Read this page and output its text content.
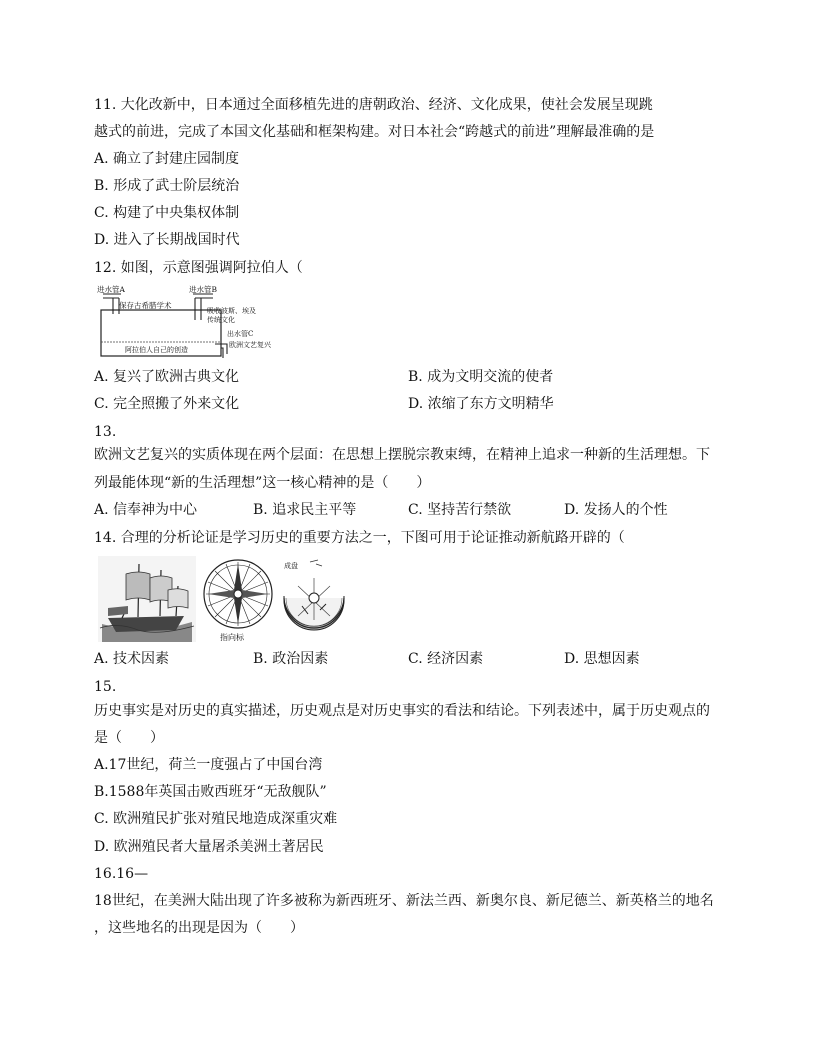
11. 大化改新中，日本通过全面移植先进的唐朝政治、经济、文化成果，使社会发展呈现跳
越式的前进，完成了本国文化基础和框架构建。对日本社会“跨越式的前进”理解最准确的是
A. 确立了封建庄园制度
B. 形成了武士阶层统治
C. 构建了中央集权体制
D. 进入了长期战国时代
12. 如图，示意图强调阿拉伯人（
进水管A	进水管B
保存古希腊学术
吸收波斯、埃及
传统文化
出水管C
欧洲文艺复兴
阿拉伯人自己的创造
A. 复兴了欧洲古典文化	B. 成为文明交流的使者
C. 完全照搬了外来文化	D. 浓缩了东方文明精华
13.
欧洲文艺复兴的实质体现在两个层面：在思想上摆脱宗教束缚，在精神上追求一种新的生活理想。下
列最能体现“新的生活理想”这一核心精神的是（　　）
A. 信奉神为中心	B. 追求民主平等	C. 坚持苦行禁欲	D. 发扬人的个性
14. 合理的分析论证是学习历史的重要方法之一，下图可用于论证推动新航路开辟的（
指向标
成盘
A. 技术因素	B. 政治因素	C. 经济因素	D. 思想因素
15.
历史事实是对历史的真实描述，历史观点是对历史事实的看法和结论。下列表述中，属于历史观点的
是（　　）
A.17世纪，荷兰一度强占了中国台湾
B.1588年英国击败西班牙“无敌舰队”
C. 欧洲殖民扩张对殖民地造成深重灾难
D. 欧洲殖民者大量屠杀美洲土著居民
16.16—
18世纪，在美洲大陆出现了许多被称为新西班牙、新法兰西、新奥尔良、新尼德兰、新英格兰的地名
，这些地名的出现是因为（　　）
